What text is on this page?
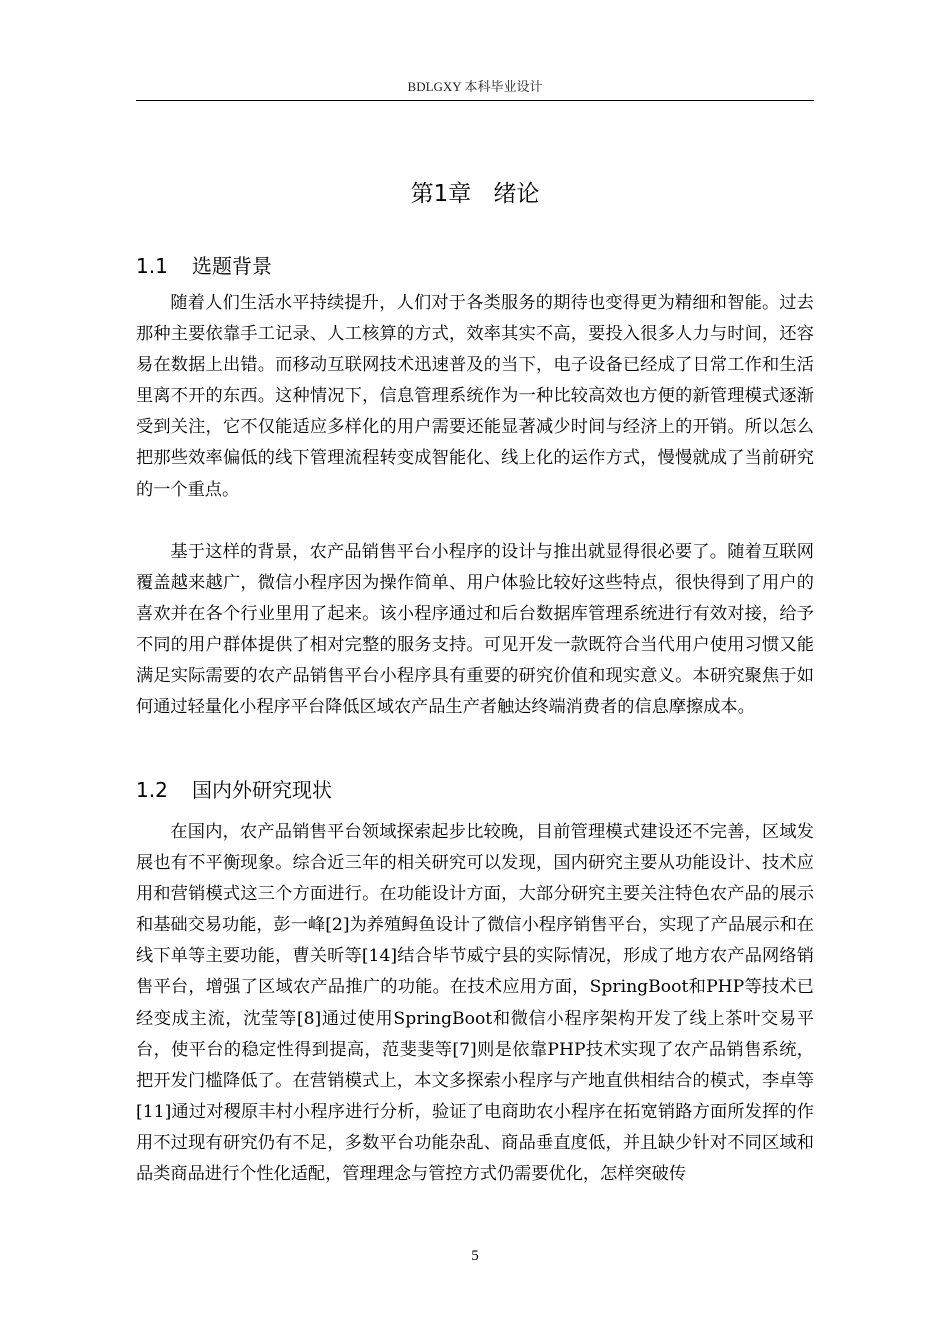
BDLGXY 本科毕业设计
第1章 绪论
1.1 选题背景

随着人们生活水平持续提升，人们对于各类服务的期待也变得更为精细和智能。过去那种主要依靠手工记录、人工核算的方式，效率其实不高，要投入很多人力与时间，还容易在数据上出错。而移动互联网技术迅速普及的当下，电子设备已经成了日常工作和生活里离不开的东西。这种情况下，信息管理系统作为一种比较高效也方便的新管理模式逐渐受到关注，它不仅能适应多样化的用户需要还能显著减少时间与经济上的开销。所以怎么把那些效率偏低的线下管理流程转变成智能化、线上化的运作方式，慢慢就成了当前研究的一个重点。

基于这样的背景，农产品销售平台小程序的设计与推出就显得很必要了。随着互联网覆盖越来越广，微信小程序因为操作简单、用户体验比较好这些特点，很快得到了用户的喜欢并在各个行业里用了起来。该小程序通过和后台数据库管理系统进行有效对接，给予不同的用户群体提供了相对完整的服务支持。可见开发一款既符合当代用户使用习惯又能满足实际需要的农产品销售平台小程序具有重要的研究价值和现实意义。本研究聚焦于如何通过轻量化小程序平台降低区域农产品生产者触达终端消费者的信息摩擦成本。

1.2 国内外研究现状

在国内，农产品销售平台领域探索起步比较晚，目前管理模式建设还不完善，区域发展也有不平衡现象。综合近三年的相关研究可以发现，国内研究主要从功能设计、技术应用和营销模式这三个方面进行。在功能设计方面，大部分研究主要关注特色农产品的展示和基础交易功能，彭一峰[2]为养殖鲟鱼设计了微信小程序销售平台，实现了产品展示和在线下单等主要功能，曹关昕等[14]结合毕节威宁县的实际情况，形成了地方农产品网络销售平台，增强了区域农产品推广的功能。在技术应用方面，SpringBoot和PHP等技术已经变成主流，沈莹等[8]通过使用SpringBoot和微信小程序架构开发了线上茶叶交易平台，使平台的稳定性得到提高，范斐斐等[7]则是依靠PHP技术实现了农产品销售系统，把开发门槛降低了。在营销模式上，本文多探索小程序与产地直供相结合的模式，李卓等[11]通过对稷原丰村小程序进行分析，验证了电商助农小程序在拓宽销路方面所发挥的作用不过现有研究仍有不足，多数平台功能杂乱、商品垂直度低，并且缺少针对不同区域和品类商品进行个性化适配，管理理念与管控方式仍需要优化，怎样突破传

5
